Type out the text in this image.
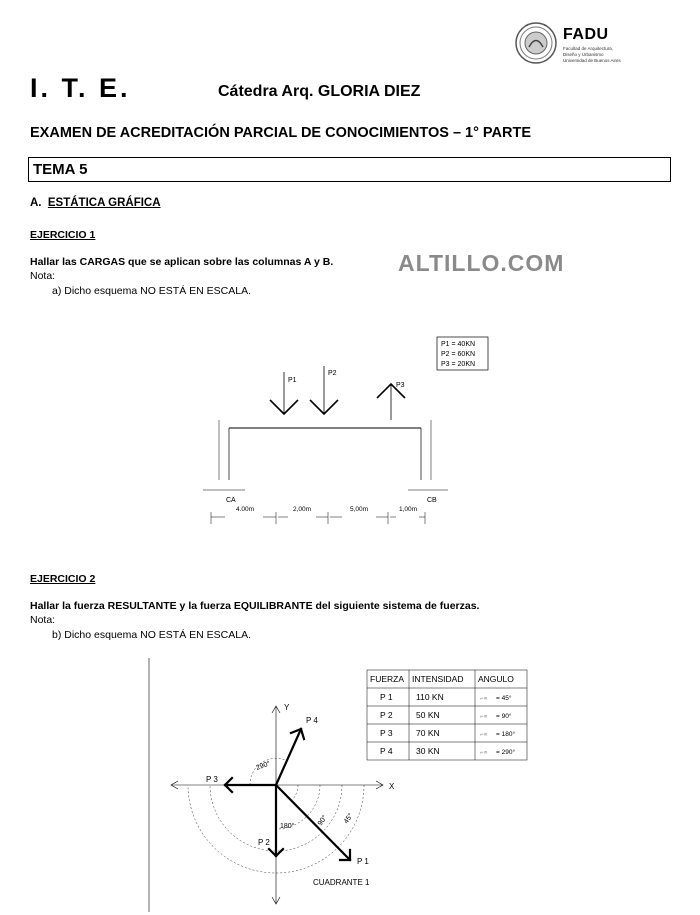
FADU
Facultad de Arquitectura,
Diseño y Urbanismo
Universidad de Buenos Aires
I. T. E.	Cátedra Arq. GLORIA DIEZ
EXAMEN DE ACREDITACIÓN PARCIAL DE CONOCIMIENTOS – 1° PARTE
TEMA 5
A. ESTÁTICA GRÁFICA
EJERCICIO 1
Hallar las CARGAS que se aplican sobre las columnas A y B.	ALTILLO.COM
Nota:
a) Dicho esquema NO ESTÁ EN ESCALA.
P1 = 40KN
P2 = 60KN
P3 = 20KN
P1
P2
P3
CA	CB
4.00m	2,00m	5,00m	1,00m
EJERCICIO 2
Hallar la fuerza RESULTANTE y la fuerza EQUILIBRANTE del siguiente sistema de fuerzas.
Nota:
b) Dicho esquema NO ESTÁ EN ESCALA.
FUERZA INTENSIDAD ANGULO
P 1	110 KN	⌐∝ = 45°
P 2	50 KN	⌐∝ = 90°
P 3	70 KN	⌐∝ = 180°
P 4	30 KN	⌐∝ = 290°
X
Y
290°
180°	90° 45°
P 1
P 2
P 3
P 4
CUADRANTE 1
